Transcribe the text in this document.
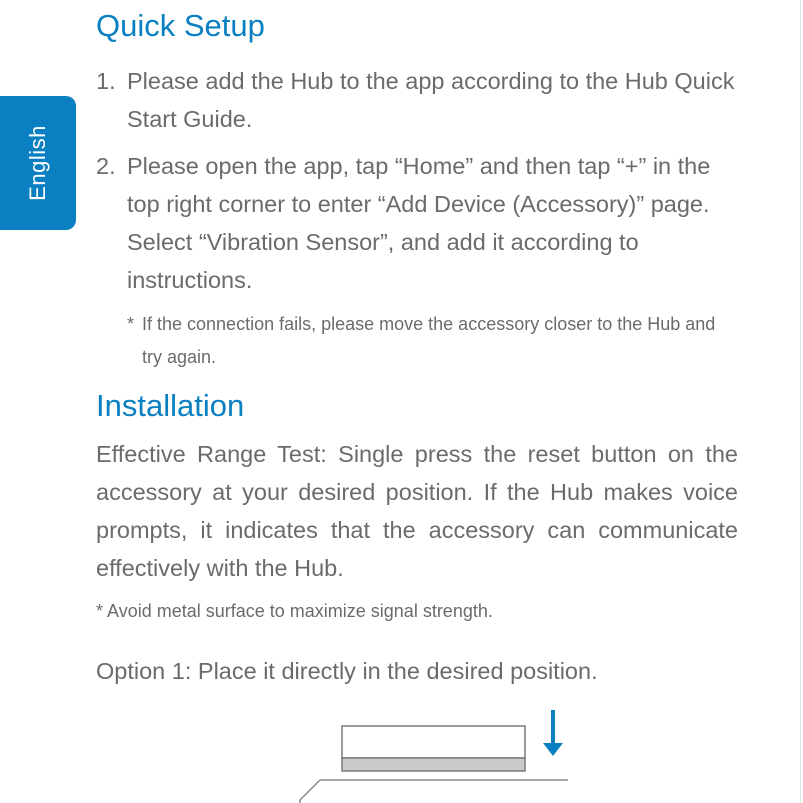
English
Quick Setup
1. Please add the Hub to the app according to the Hub Quick Start Guide.
2. Please open the app, tap “Home” and then tap “+” in the top right corner to enter “Add Device (Accessory)” page. Select “Vibration Sensor”, and add it according to instructions.
* If the connection fails, please move the accessory closer to the Hub and try again.
Installation
Effective Range Test: Single press the reset button on the accessory at your desired position. If the Hub makes voice prompts, it indicates that the accessory can communicate effectively with the Hub.
* Avoid metal surface to maximize signal strength.
Option 1: Place it directly in the desired position.
